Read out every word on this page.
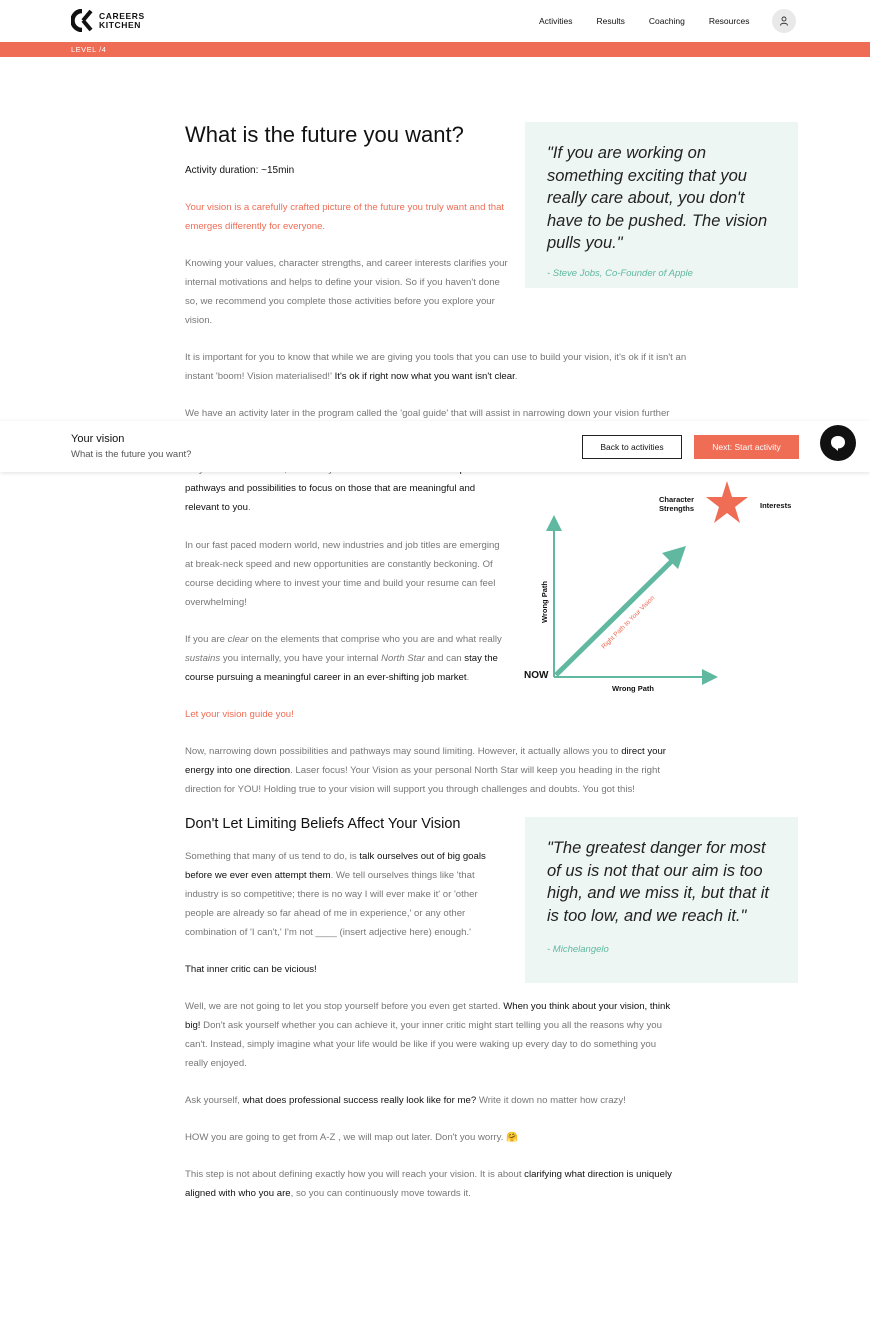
CAREERS
KITCHEN	Activities	Results	Coaching	Resources
LEVEL /4
What is the future you want?
Activity duration: ~15min

Your vision is a carefully crafted picture of the future you truly want and that emerges differently for everyone.

Knowing your values, character strengths, and career interests clarifies your internal motivations and helps to define your vision. So if you haven't done so, we recommend you complete those activities before you explore your vision.

It is important for you to know that while we are giving you tools that you can use to build your vision, it's ok if it isn't an instant 'boom! Vision materialised!' It's ok if right now what you want isn't clear.

We have an activity later in the program called the 'goal guide' that will assist in narrowing down your vision further

pathways and possibilities to focus on those that are meaningful and relevant to you.

In our fast paced modern world, new industries and job titles are emerging at break-neck speed and new opportunities are constantly beckoning. Of course deciding where to invest your time and build your resume can feel overwhelming!

If you are clear on the elements that comprise who you are and what really sustains you internally, you have your internal North Star and can stay the course pursuing a meaningful career in an ever-shifting job market.

Let your vision guide you!

Now, narrowing down possibilities and pathways may sound limiting. However, it actually allows you to direct your energy into one direction. Laser focus! Your Vision as your personal North Star will keep you heading in the right direction for YOU! Holding true to your vision will support you through challenges and doubts. You got this!

Don't Let Limiting Beliefs Affect Your Vision

Something that many of us tend to do, is talk ourselves out of big goals before we ever even attempt them. We tell ourselves things like 'that industry is so competitive; there is no way I will ever make it' or 'other people are already so far ahead of me in experience,' or any other combination of 'I can't,' I'm not ____ (insert adjective here) enough.'

That inner critic can be vicious!

Well, we are not going to let you stop yourself before you even get started. When you think about your vision, think big! Don't ask yourself whether you can achieve it, your inner critic might start telling you all the reasons why you can't. Instead, simply imagine what your life would be like if you were waking up every day to do something you really enjoyed.

Ask yourself, what does professional success really look like for me? Write it down no matter how crazy!

HOW you are going to get from A-Z , we will map out later. Don't you worry. 🤗

This step is not about defining exactly how you will reach your vision. It is about clarifying what direction is uniquely aligned with who you are, so you can continuously move towards it.

"If you are working on something exciting that you really care about, you don't have to be pushed. The vision pulls you."
- Steve Jobs, Co-Founder of Apple
"The greatest danger for most of us is not that our aim is too high, and we miss it, but that it is too low, and we reach it."
- Michelangelo
NOW
Wrong Path
Wrong Path	Right Path to Your Vision
Character
Strengths	Interests
Your vision
What is the future you want?
Back to activities	Next: Start activity
